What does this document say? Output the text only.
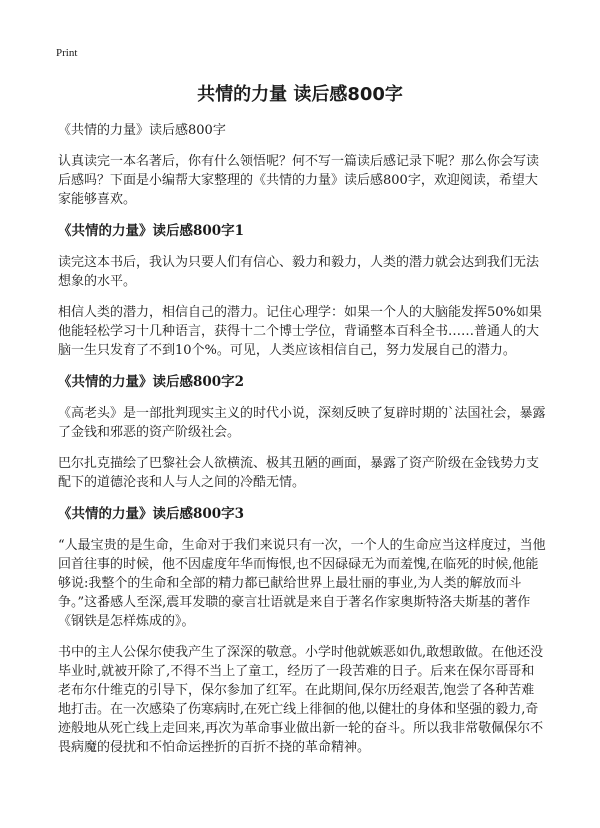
Print
共情的力量 读后感800字

《共情的力量》读后感800字

认真读完一本名著后，你有什么领悟呢？何不写一篇读后感记录下呢？那么你会写读后感吗？下面是小编帮大家整理的《共情的力量》读后感800字，欢迎阅读，希望大家能够喜欢。

《共情的力量》读后感800字1

读完这本书后，我认为只要人们有信心、毅力和毅力，人类的潜力就会达到我们无法想象的水平。

相信人类的潜力，相信自己的潜力。记住心理学：如果一个人的大脑能发挥50%如果他能轻松学习十几种语言，获得十二个博士学位，背诵整本百科全书……普通人的大脑一生只发育了不到10个%。可见，人类应该相信自己，努力发展自己的潜力。

《共情的力量》读后感800字2

《高老头》是一部批判现实主义的时代小说，深刻反映了复辟时期的`法国社会，暴露了金钱和邪恶的资产阶级社会。

巴尔扎克描绘了巴黎社会人欲横流、极其丑陋的画面，暴露了资产阶级在金钱势力支配下的道德沦丧和人与人之间的冷酷无情。

《共情的力量》读后感800字3

“人最宝贵的是生命，生命对于我们来说只有一次，一个人的生命应当这样度过，当他回首往事的时候，他不因虚度年华而悔恨,也不因碌碌无为而羞愧,在临死的时候,他能够说:我整个的生命和全部的精力都已献给世界上最壮丽的事业,为人类的解放而斗争。”这番感人至深,震耳发聩的豪言壮语就是来自于著名作家奥斯特洛夫斯基的著作《钢铁是怎样炼成的》。

书中的主人公保尔使我产生了深深的敬意。小学时他就嫉恶如仇,敢想敢做。在他还没毕业时,就被开除了,不得不当上了童工，经历了一段苦难的日子。后来在保尔哥哥和老布尔什维克的引导下，保尔参加了红军。在此期间,保尔历经艰苦,饱尝了各种苦难地打击。在一次感染了伤寒病时,在死亡线上徘徊的他,以健壮的身体和坚强的毅力,奇迹般地从死亡线上走回来,再次为革命事业做出新一轮的奋斗。所以我非常敬佩保尔不畏病魔的侵扰和不怕命运挫折的百折不挠的革命精神。
